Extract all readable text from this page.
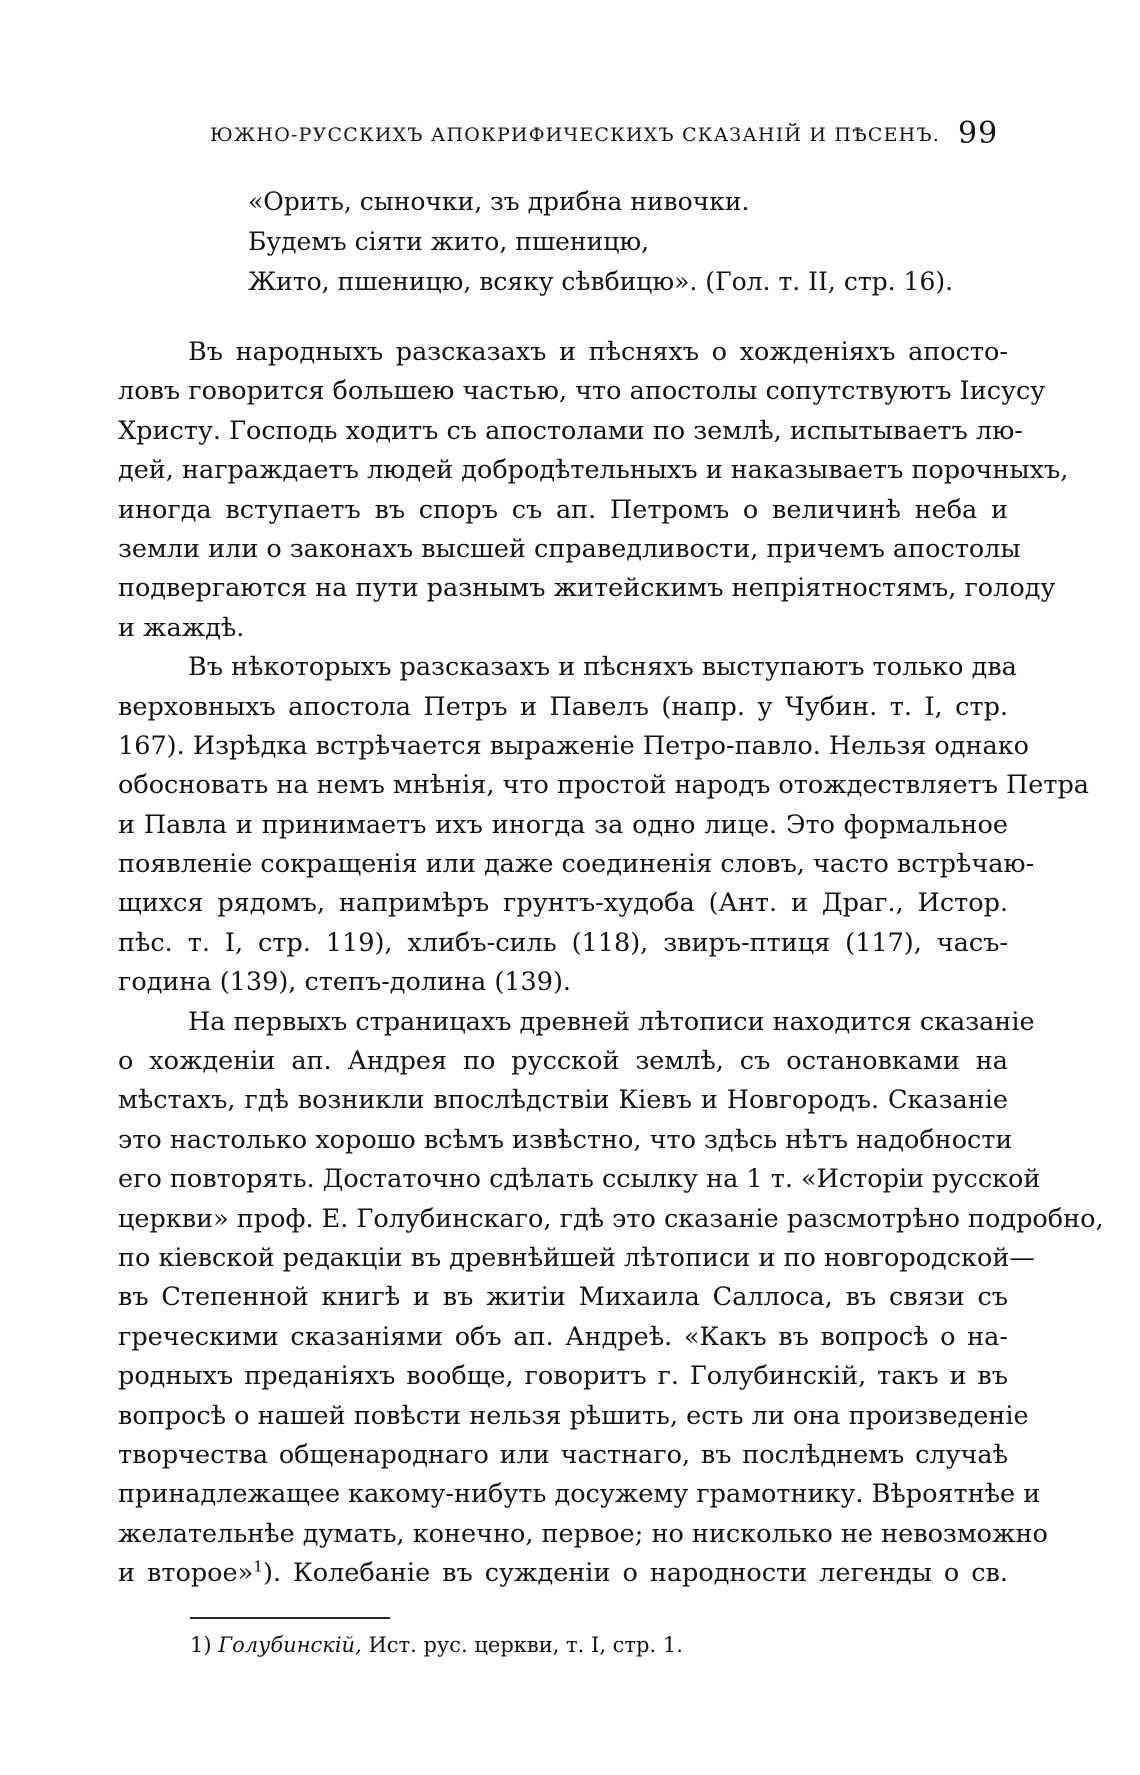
ЮЖНО-РУССКИХЪ АПОКРИФИЧЕСКИХЪ СКАЗАНІЙ И ПѢСЕНЪ. 99
«Орить, сыночки, зъ дрибна нивочки.
Будемъ сіяти жито, пшеницю,
Жито, пшеницю, всяку сѣвбицю». (Гол. т. II, стр. 16).
Въ народныхъ разсказахъ и пѣсняхъ о хожденіяхъ апосто-
ловъ говорится большею частью, что апостолы сопутствуютъ Іисусу
Христу. Господь ходитъ съ апостолами по землѣ, испытываетъ лю-
дей, награждаетъ людей добродѣтельныхъ и наказываетъ порочныхъ,
иногда вступаетъ въ споръ съ ап. Петромъ о величинѣ неба и
земли или о законахъ высшей справедливости, причемъ апостолы
подвергаются на пути разнымъ житейскимъ непріятностямъ, голоду
и жаждѣ.
Въ нѣкоторыхъ разсказахъ и пѣсняхъ выступаютъ только два
верховныхъ апостола Петръ и Павелъ (напр. у Чубин. т. I, стр.
167). Изрѣдка встрѣчается выраженіе Петро-павло. Нельзя однако
обосновать на немъ мнѣнія, что простой народъ отождествляетъ Петра
и Павла и принимаетъ ихъ иногда за одно лице. Это формальное
появленіе сокращенія или даже соединенія словъ, часто встрѣчаю-
щихся рядомъ, напримѣръ грунтъ-худоба (Ант. и Драг., Истор.
пѣс. т. I, стр. 119), хлибъ-силь (118), звиръ-птиця (117), часъ-
година (139), степъ-долина (139).
На первыхъ страницахъ древней лѣтописи находится сказаніе
о хожденіи ап. Андрея по русской землѣ, съ остановками на
мѣстахъ, гдѣ возникли впослѣдствіи Кіевъ и Новгородъ. Сказаніе
это настолько хорошо всѣмъ извѣстно, что здѣсь нѣтъ надобности
его повторять. Достаточно сдѣлать ссылку на 1 т. «Исторіи русской
церкви» проф. Е. Голубинскаго, гдѣ это сказаніе разсмотрѣно подробно,
по кіевской редакціи въ древнѣйшей лѣтописи и по новгородской—
въ Степенной книгѣ и въ житіи Михаила Саллоса, въ связи съ
греческими сказаніями объ ап. Андреѣ. «Какъ въ вопросѣ о на-
родныхъ преданіяхъ вообще, говоритъ г. Голубинскій, такъ и въ
вопросѣ о нашей повѣсти нельзя рѣшить, есть ли она произведеніе
творчества общенароднаго или частнаго, въ послѣднемъ случаѣ
принадлежащее какому-нибуть досужему грамотнику. Вѣроятнѣе и
желательнѣе думать, конечно, первое; но нисколько не невозможно
и второе»$^1$). Колебаніе въ сужденіи о народности легенды о св.
1) Голубинскій, Ист. рус. церкви, т. I, стр. 1.
